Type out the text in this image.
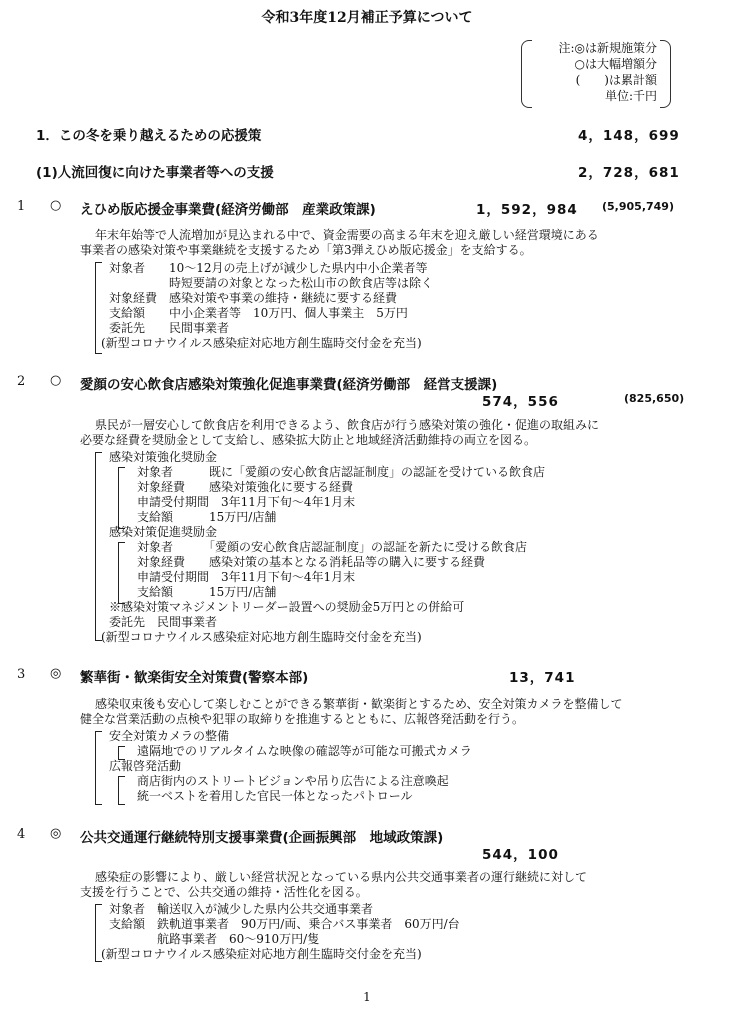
令和3年度12月補正予算について
注:◎は新規施策分
○は大幅増額分
(　　)は累計額
単位:千円
1．この冬を乗り越えるための応援策	4，148，699
(1)人流回復に向けた事業者等への支援	2，728，681
1 ○ えひめ版応援金事業費(経済労働部　産業政策課)	1，592，984 (5,905,749)
年末年始等で人流増加が見込まれる中で、資金需要の高まる年末を迎え厳しい経営環境にある
事業者の感染対策や事業継続を支援するため「第3弾えひめ版応援金」を支給する。
対象者　　10～12月の売上げが減少した県内中小企業者等
　　　　　時短要請の対象となった松山市の飲食店等は除く
対象経費　感染対策や事業の維持・継続に要する経費
支給額　　中小企業者等　10万円、個人事業主　5万円
委託先　　民間事業者
(新型コロナウイルス感染症対応地方創生臨時交付金を充当)
2 ○ 愛顔の安心飲食店感染対策強化促進事業費(経済労働部　経営支援課)
574，556	(825,650)
県民が一層安心して飲食店を利用できるよう、飲食店が行う感染対策の強化・促進の取組みに
必要な経費を奨励金として支給し、感染拡大防止と地域経済活動維持の両立を図る。
感染対策強化奨励金
　対象者　　　既に「愛顔の安心飲食店認証制度」の認証を受けている飲食店
　対象経費　　感染対策強化に要する経費
　申請受付期間　3年11月下旬～4年1月末
　支給額　　　15万円/店舗
感染対策促進奨励金
　対象者　　　「愛顔の安心飲食店認証制度」の認証を新たに受ける飲食店
　対象経費　　感染対策の基本となる消耗品等の購入に要する経費
　申請受付期間　3年11月下旬～4年1月末
　支給額　　　15万円/店舗
※感染対策マネジメントリーダー設置への奨励金5万円との併給可
委託先　民間事業者
(新型コロナウイルス感染症対応地方創生臨時交付金を充当)
3 ◎ 繁華街・歓楽街安全対策費(警察本部)	13，741
感染収束後も安心して楽しむことができる繁華街・歓楽街とするため、安全対策カメラを整備して
健全な営業活動の点検や犯罪の取締りを推進するとともに、広報啓発活動を行う。
安全対策カメラの整備
　遠隔地でのリアルタイムな映像の確認等が可能な可搬式カメラ
広報啓発活動
　商店街内のストリートビジョンや吊り広告による注意喚起
　統一ベストを着用した官民一体となったパトロール
4 ◎ 公共交通運行継続特別支援事業費(企画振興部　地域政策課)
544，100
感染症の影響により、厳しい経営状況となっている県内公共交通事業者の運行継続に対して
支援を行うことで、公共交通の維持・活性化を図る。
対象者　輸送収入が減少した県内公共交通事業者
支給額　鉄軌道事業者　90万円/両、乗合バス事業者　60万円/台
　　　　航路事業者　60～910万円/隻
(新型コロナウイルス感染症対応地方創生臨時交付金を充当)
1
